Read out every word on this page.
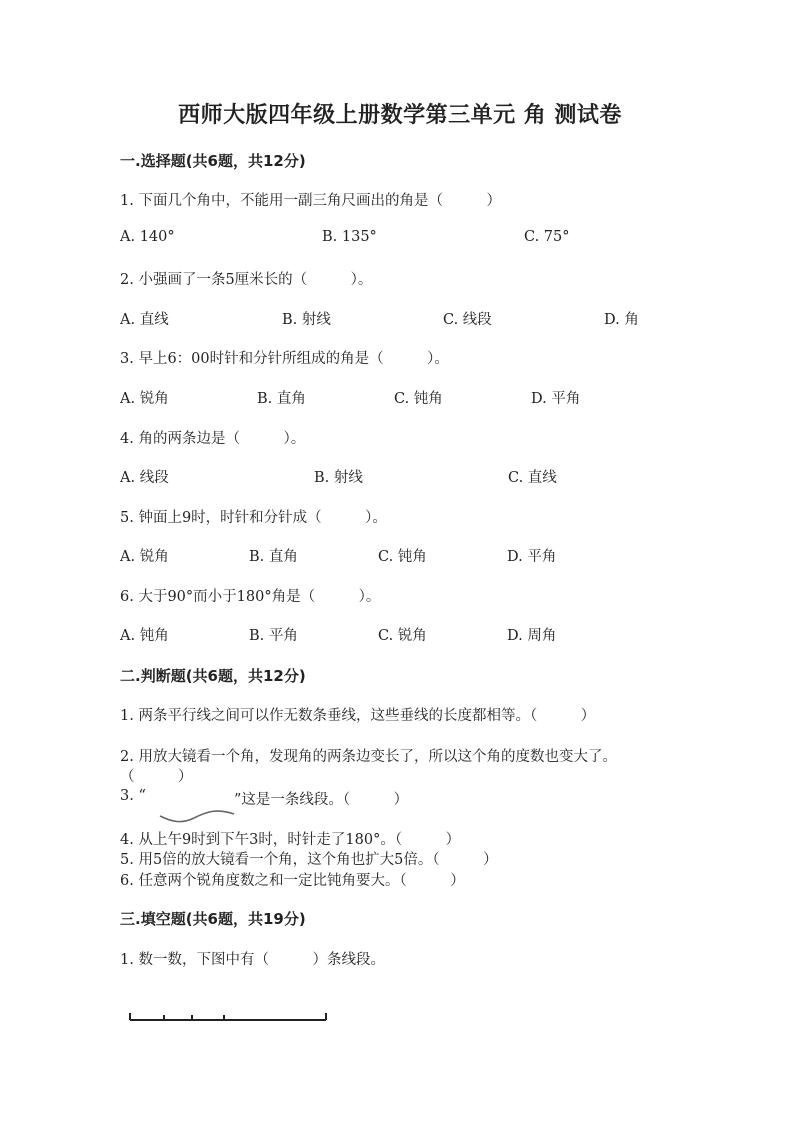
西师大版四年级上册数学第三单元 角 测试卷
一.选择题(共6题，共12分)
1. 下面几个角中，不能用一副三角尺画出的角是（　　　）
A. 140°	B. 135°	C. 75°
2. 小强画了一条5厘米长的（　　　）。
A. 直线	B. 射线	C. 线段	D. 角
3. 早上6：00时针和分针所组成的角是（　　　）。
A. 锐角	B. 直角	C. 钝角	D. 平角
4. 角的两条边是（　　　）。
A. 线段	B. 射线	C. 直线
5. 钟面上9时，时针和分针成（　　　）。
A. 锐角	B. 直角	C. 钝角	D. 平角
6. 大于90°而小于180°角是（　　　）。
A. 钝角	B. 平角	C. 锐角	D. 周角
二.判断题(共6题，共12分)
1. 两条平行线之间可以作无数条垂线，这些垂线的长度都相等。（　　　）
2. 用放大镜看一个角，发现角的两条边变长了，所以这个角的度数也变大了。
（　　　）
3. “	”这是一条线段。（　　　）
4. 从上午9时到下午3时，时针走了180°。（　　　）
5. 用5倍的放大镜看一个角，这个角也扩大5倍。（　　　）
6. 任意两个锐角度数之和一定比钝角要大。（　　　）
三.填空题(共6题，共19分)
1. 数一数，下图中有（　　　）条线段。
